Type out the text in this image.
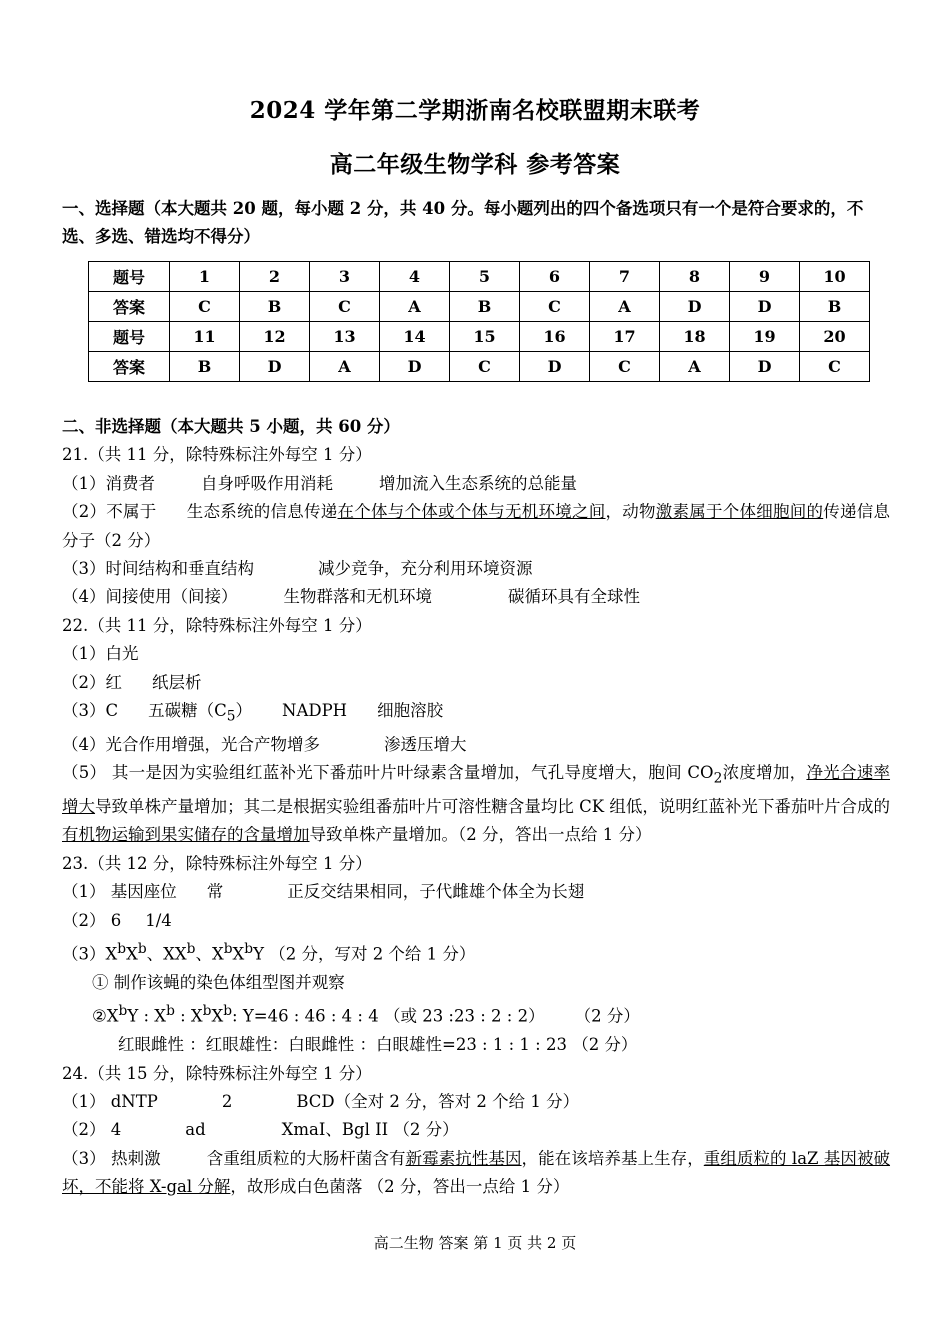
2024 学年第二学期浙南名校联盟期末联考
高二年级生物学科 参考答案
一、选择题（本大题共 20 题，每小题 2 分，共 40 分。每小题列出的四个备选项只有一个是符合要求的，不选、多选、错选均不得分）
题号	1	2	3	4	5	6	7	8	9	10
答案	C	B	C	A	B	C	A	D	D	B
题号	11	12	13	14	15	16	17	18	19	20
答案	B	D	A	D	C	D	C	A	D	C

二、非选择题（本大题共 5 小题，共 60 分）

21.（共 11 分，除特殊标注外每空 1 分）

（1）消费者	自身呼吸作用消耗	增加流入生态系统的总能量

（2）不属于 生态系统的信息传递在个体与个体或个体与无机环境之间，动物激素属于个体细胞间的传递信息分子（2 分）

（3）时间结构和垂直结构	减少竞争，充分利用环境资源

（4）间接使用（间接）	生物群落和无机环境	碳循环具有全球性

22.（共 11 分，除特殊标注外每空 1 分）

（1）白光

（2）红 纸层析

（3）C 五碳糖$(C_5)$ NADPH 细胞溶胶

（4）光合作用增强，光合产物增多	渗透压增大

（5） 其一是因为实验组红蓝补光下番茄叶片叶绿素含量增加，气孔导度增大，胞间 $CO_2$浓度增加，净光合速率增大导致单株产量增加；其二是根据实验组番茄叶片可溶性糖含量均比 CK 组低，说明红蓝补光下番茄叶片合成的有机物运输到果实储存的含量增加导致单株产量增加。（2 分，答出一点给 1 分）

23.（共 12 分，除特殊标注外每空 1 分）

（1） 基因座位 常	正反交结果相同，子代雌雄个体全为长翅

（2） 6 1/4

$(3)X^bX^b$、$XX^b$、$X^bX^bY$ （2 分，写对 2 个给 1 分）

① 制作该蝇的染色体组型图并观察

$②X^bY$ : $X^b$ : $X^bX^b$: Y=46 : 46 : 4 : 4 （或 23 :23 : 2 : 2） （2 分）

红眼雌性 ：红眼雄性：白眼雌性 ：白眼雄性=23 : 1 : 1 : 23 （2 分）

24.（共 15 分，除特殊标注外每空 1 分）

（1） dNTP	2	BCD（全对 2 分，答对 2 个给 1 分）

（2） 4	ad	XmaI、Bgl II （2 分）

（3） 热刺激	含重组质粒的大肠杆菌含有新霉素抗性基因，能在该培养基上生存，重组质粒的 laZ 基因被破坏，不能将 X-gal 分解，故形成白色菌落 （2 分，答出一点给 1 分）

高二生物 答案 第 1 页 共 2 页
